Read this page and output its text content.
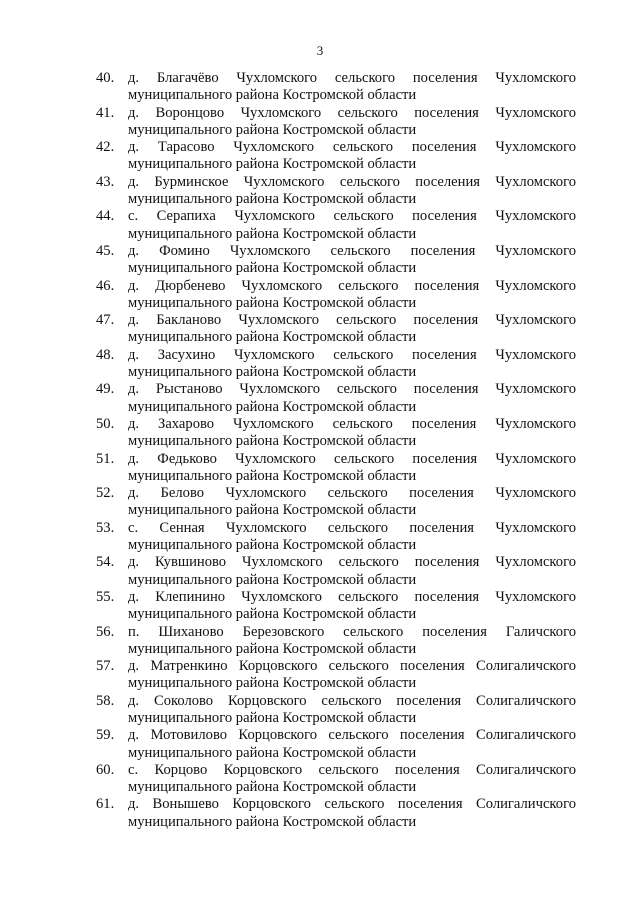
3
40. д. Благачёво Чухломского сельского поселения Чухломского
муниципального района Костромской области
41. д. Воронцово Чухломского сельского поселения Чухломского
муниципального района Костромской области
42. д. Тарасово Чухломского сельского поселения Чухломского
муниципального района Костромской области
43. д. Бурминское Чухломского сельского поселения Чухломского
муниципального района Костромской области
44. с. Серапиха Чухломского сельского поселения Чухломского
муниципального района Костромской области
45. д. Фомино Чухломского сельского поселения Чухломского
муниципального района Костромской области
46. д. Дюрбенево Чухломского сельского поселения Чухломского
муниципального района Костромской области
47. д. Бакланово Чухломского сельского поселения Чухломского
муниципального района Костромской области
48. д. Засухино Чухломского сельского поселения Чухломского
муниципального района Костромской области
49. д. Рыстаново Чухломского сельского поселения Чухломского
муниципального района Костромской области
50. д. Захарово Чухломского сельского поселения Чухломского
муниципального района Костромской области
51. д. Федьково Чухломского сельского поселения Чухломского
муниципального района Костромской области
52. д. Белово Чухломского сельского поселения Чухломского
муниципального района Костромской области
53. с. Сенная Чухломского сельского поселения Чухломского
муниципального района Костромской области
54. д. Кувшиново Чухломского сельского поселения Чухломского
муниципального района Костромской области
55. д. Клепинино Чухломского сельского поселения Чухломского
муниципального района Костромской области
56. п. Шиханово Березовского сельского поселения Галичского
муниципального района Костромской области
57. д. Матренкино Корцовского сельского поселения Солигаличского
муниципального района Костромской области
58. д. Соколово Корцовского сельского поселения Солигаличского
муниципального района Костромской области
59. д. Мотовилово Корцовского сельского поселения Солигаличского
муниципального района Костромской области
60. с. Корцово Корцовского сельского поселения Солигаличского
муниципального района Костромской области
61. д. Вонышево Корцовского сельского поселения Солигаличского
муниципального района Костромской области
